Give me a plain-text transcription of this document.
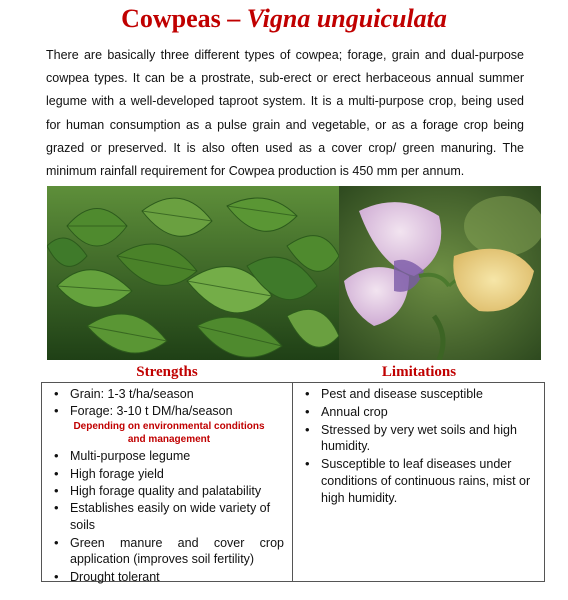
Cowpeas – Vigna unguiculata

There are basically three different types of cowpea; forage, grain and dual-purpose cowpea types. It can be a prostrate, sub-erect or erect herbaceous annual summer legume with a well-developed taproot system. It is a multi-purpose crop, being used for human consumption as a pulse grain and vegetable, or as a forage crop being grazed or preserved. It is also often used as a cover crop/ green manuring. The minimum rainfall requirement for Cowpea production is 450 mm per annum.

Strengths	Limitations
• Grain: 1-3 t/ha/season
• Forage: 3-10 t DM/ha/season
Depending on environmental conditions and management
• Multi-purpose legume
• High forage yield
• High forage quality and palatability
• Establishes easily on wide variety of soils
• Green manure and cover crop application (improves soil fertility)
• Drought tolerant
• Pest and disease susceptible
• Annual crop
• Stressed by very wet soils and high humidity.
• Susceptible to leaf diseases under conditions of continuous rains, mist or high humidity.
